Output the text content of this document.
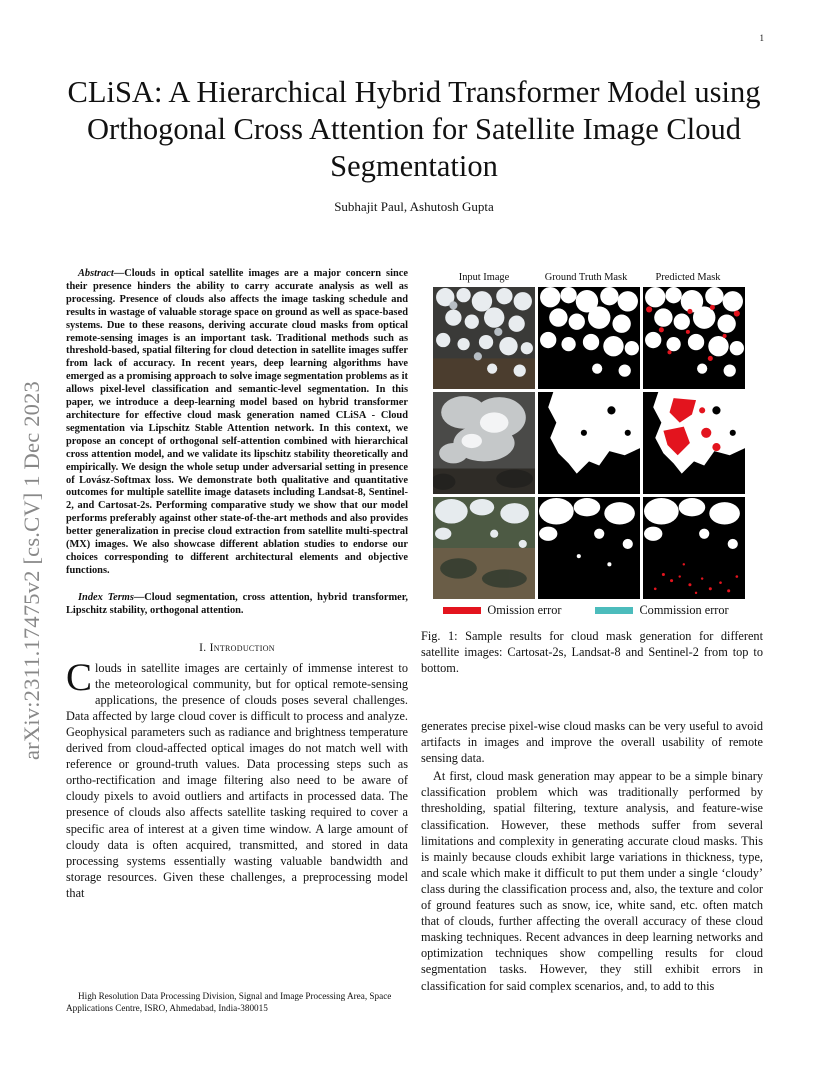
1
arXiv:2311.17475v2 [cs.CV] 1 Dec 2023
CLiSA: A Hierarchical Hybrid Transformer Model using Orthogonal Cross Attention for Satellite Image Cloud Segmentation
Subhajit Paul, Ashutosh Gupta

Abstract—Clouds in optical satellite images are a major concern since their presence hinders the ability to carry accurate analysis as well as processing. Presence of clouds also affects the image tasking schedule and results in wastage of valuable storage space on ground as well as space-based systems. Due to these reasons, deriving accurate cloud masks from optical remote-sensing images is an important task. Traditional methods such as threshold-based, spatial filtering for cloud detection in satellite images suffer from lack of accuracy. In recent years, deep learning algorithms have emerged as a promising approach to solve image segmentation problems as it allows pixel-level classification and semantic-level segmentation. In this paper, we introduce a deep-learning model based on hybrid transformer architecture for effective cloud mask generation named CLiSA - Cloud segmentation via Lipschitz Stable Attention network. In this context, we propose an concept of orthogonal self-attention combined with hierarchical cross attention model, and we validate its lipschitz stability theoretically and empirically. We design the whole setup under adversarial setting in presence of Lovász-Softmax loss. We demonstrate both qualitative and quantitative outcomes for multiple satellite image datasets including Landsat-8, Sentinel-2, and Cartosat-2s. Performing comparative study we show that our model performs preferably against other state-of-the-art methods and also provides better generalization in precise cloud extraction from satellite multi-spectral (MX) images. We also showcase different ablation studies to endorse our choices corresponding to different architectural elements and objective functions.

Index Terms—Cloud segmentation, cross attention, hybrid transformer, Lipschitz stability, orthogonal attention.

I. Introduction

Clouds in satellite images are certainly of immense interest to the meteorological community, but for optical remote-sensing applications, the presence of clouds poses several challenges. Data affected by large cloud cover is difficult to process and analyze. Geophysical parameters such as radiance and brightness temperature derived from cloud-affected optical images do not match well with reference or ground-truth values. Data processing steps such as ortho-rectification and image filtering also need to be aware of cloudy pixels to avoid outliers and artifacts in processed data. The presence of clouds also affects satellite tasking required to cover a specific area of interest at a given time window. A large amount of cloudy data is often acquired, transmitted, and stored in data processing systems essentially wasting valuable bandwidth and storage resources. Given these challenges, a preprocessing model that

High Resolution Data Processing Division, Signal and Image Processing Area, Space Applications Centre, ISRO, Ahmedabad, India-380015
Input Image	Ground Truth Mask	Predicted Mask
Omission error	Commission error
Fig. 1: Sample results for cloud mask generation for different satellite images: Cartosat-2s, Landsat-8 and Sentinel-2 from top to bottom.

generates precise pixel-wise cloud masks can be very useful to avoid artifacts in images and improve the overall usability of remote sensing data.

At first, cloud mask generation may appear to be a simple binary classification problem which was traditionally performed by thresholding, spatial filtering, texture analysis, and feature-wise classification. However, these methods suffer from several limitations and complexity in generating accurate cloud masks. This is mainly because clouds exhibit large variations in thickness, type, and scale which make it difficult to put them under a single ‘cloudy’ class during the classification process and, also, the texture and color of ground features such as snow, ice, white sand, etc. often match that of clouds, further affecting the overall accuracy of these cloud masking techniques. Recent advances in deep learning networks and optimization techniques show compelling results for cloud segmentation tasks. However, they still exhibit errors in classification for said complex scenarios, and, to add to this
